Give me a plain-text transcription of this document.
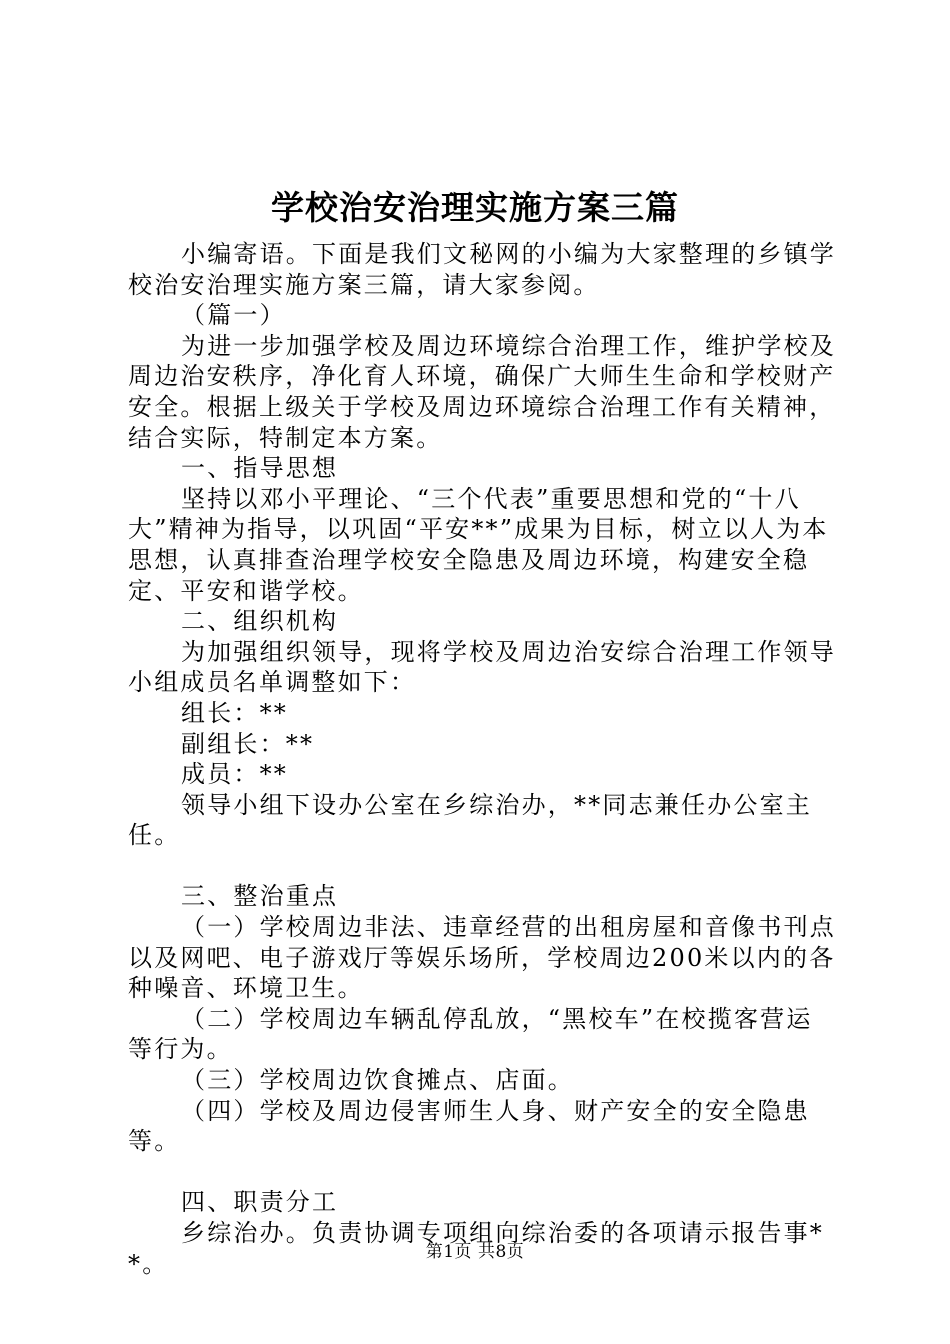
学校治安治理实施方案三篇

小编寄语。下面是我们文秘网的小编为大家整理的乡镇学校治安治理实施方案三篇，请大家参阅。

（篇一）

为进一步加强学校及周边环境综合治理工作，维护学校及周边治安秩序，净化育人环境，确保广大师生生命和学校财产安全。根据上级关于学校及周边环境综合治理工作有关精神，结合实际，特制定本方案。

一、指导思想

坚持以邓小平理论、“三个代表”重要思想和党的“十八大”精神为指导，以巩固“平安**”成果为目标，树立以人为本思想，认真排查治理学校安全隐患及周边环境，构建安全稳定、平安和谐学校。

二、组织机构

为加强组织领导，现将学校及周边治安综合治理工作领导小组成员名单调整如下：

组长：**

副组长：**

成员：**

领导小组下设办公室在乡综治办，**同志兼任办公室主任。

三、整治重点

（一）学校周边非法、违章经营的出租房屋和音像书刊点以及网吧、电子游戏厅等娱乐场所，学校周边200米以内的各种噪音、环境卫生。

（二）学校周边车辆乱停乱放，“黑校车”在校揽客营运等行为。

（三）学校周边饮食摊点、店面。

（四）学校及周边侵害师生人身、财产安全的安全隐患等。

四、职责分工

乡综治办。负责协调专项组向综治委的各项请示报告事**。	第1页 共8页
